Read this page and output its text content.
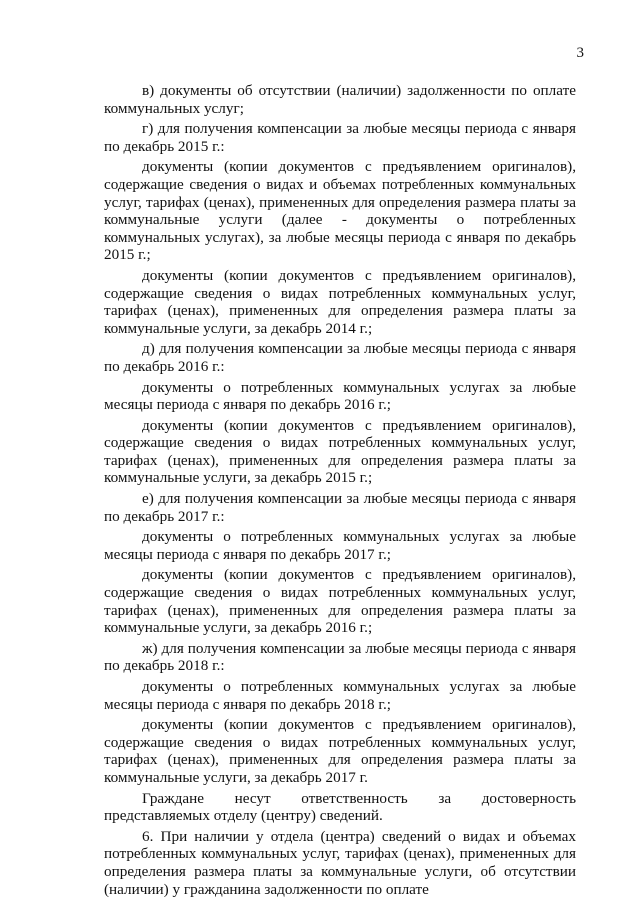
3

в) документы об отсутствии (наличии) задолженности по оплате коммунальных услуг;

г) для получения компенсации за любые месяцы периода с января по декабрь 2015 г.:

документы (копии документов с предъявлением оригиналов), содержащие сведения о видах и объемах потребленных коммунальных услуг, тарифах (ценах), примененных для определения размера платы за коммунальные услуги (далее - документы о потребленных коммунальных услугах), за любые месяцы периода с января по декабрь 2015 г.;

документы (копии документов с предъявлением оригиналов), содержащие сведения о видах потребленных коммунальных услуг, тарифах (ценах), примененных для определения размера платы за коммунальные услуги, за декабрь 2014 г.;

д) для получения компенсации за любые месяцы периода с января по декабрь 2016 г.:

документы о потребленных коммунальных услугах за любые месяцы периода с января по декабрь 2016 г.;

документы (копии документов с предъявлением оригиналов), содержащие сведения о видах потребленных коммунальных услуг, тарифах (ценах), примененных для определения размера платы за коммунальные услуги, за декабрь 2015 г.;

е) для получения компенсации за любые месяцы периода с января по декабрь 2017 г.:

документы о потребленных коммунальных услугах за любые месяцы периода с января по декабрь 2017 г.;

документы (копии документов с предъявлением оригиналов), содержащие сведения о видах потребленных коммунальных услуг, тарифах (ценах), примененных для определения размера платы за коммунальные услуги, за декабрь 2016 г.;

ж) для получения компенсации за любые месяцы периода с января по декабрь 2018 г.:

документы о потребленных коммунальных услугах за любые месяцы периода с января по декабрь 2018 г.;

документы (копии документов с предъявлением оригиналов), содержащие сведения о видах потребленных коммунальных услуг, тарифах (ценах), примененных для определения размера платы за коммунальные услуги, за декабрь 2017 г.

Граждане несут ответственность за достоверность представляемых отделу (центру) сведений.

6. При наличии у отдела (центра) сведений о видах и объемах потребленных коммунальных услуг, тарифах (ценах), примененных для определения размера платы за коммунальные услуги, об отсутствии (наличии) у гражданина задолженности по оплате
